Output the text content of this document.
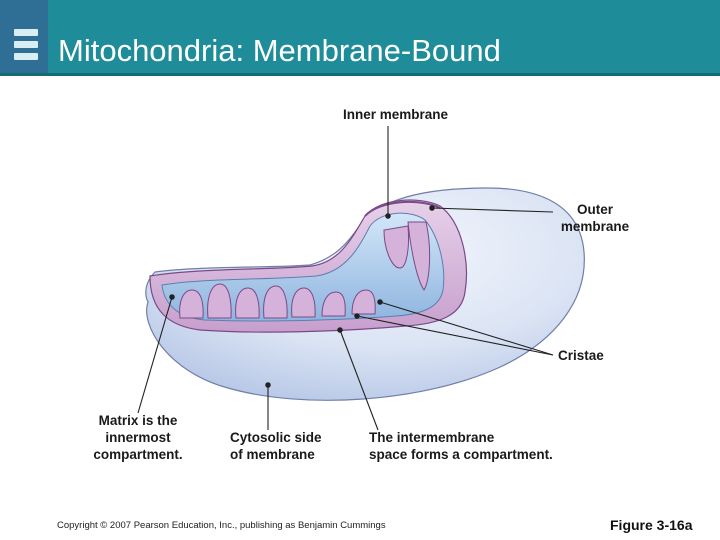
Mitochondria: Membrane-Bound
Inner membrane
Outer
membrane
Cristae
Matrix is the
innermost
compartment.
Cytosolic side
of membrane
The intermembrane
space forms a compartment.
Copyright © 2007 Pearson Education, Inc., publishing as Benjamin Cummings	Figure 3-16a
